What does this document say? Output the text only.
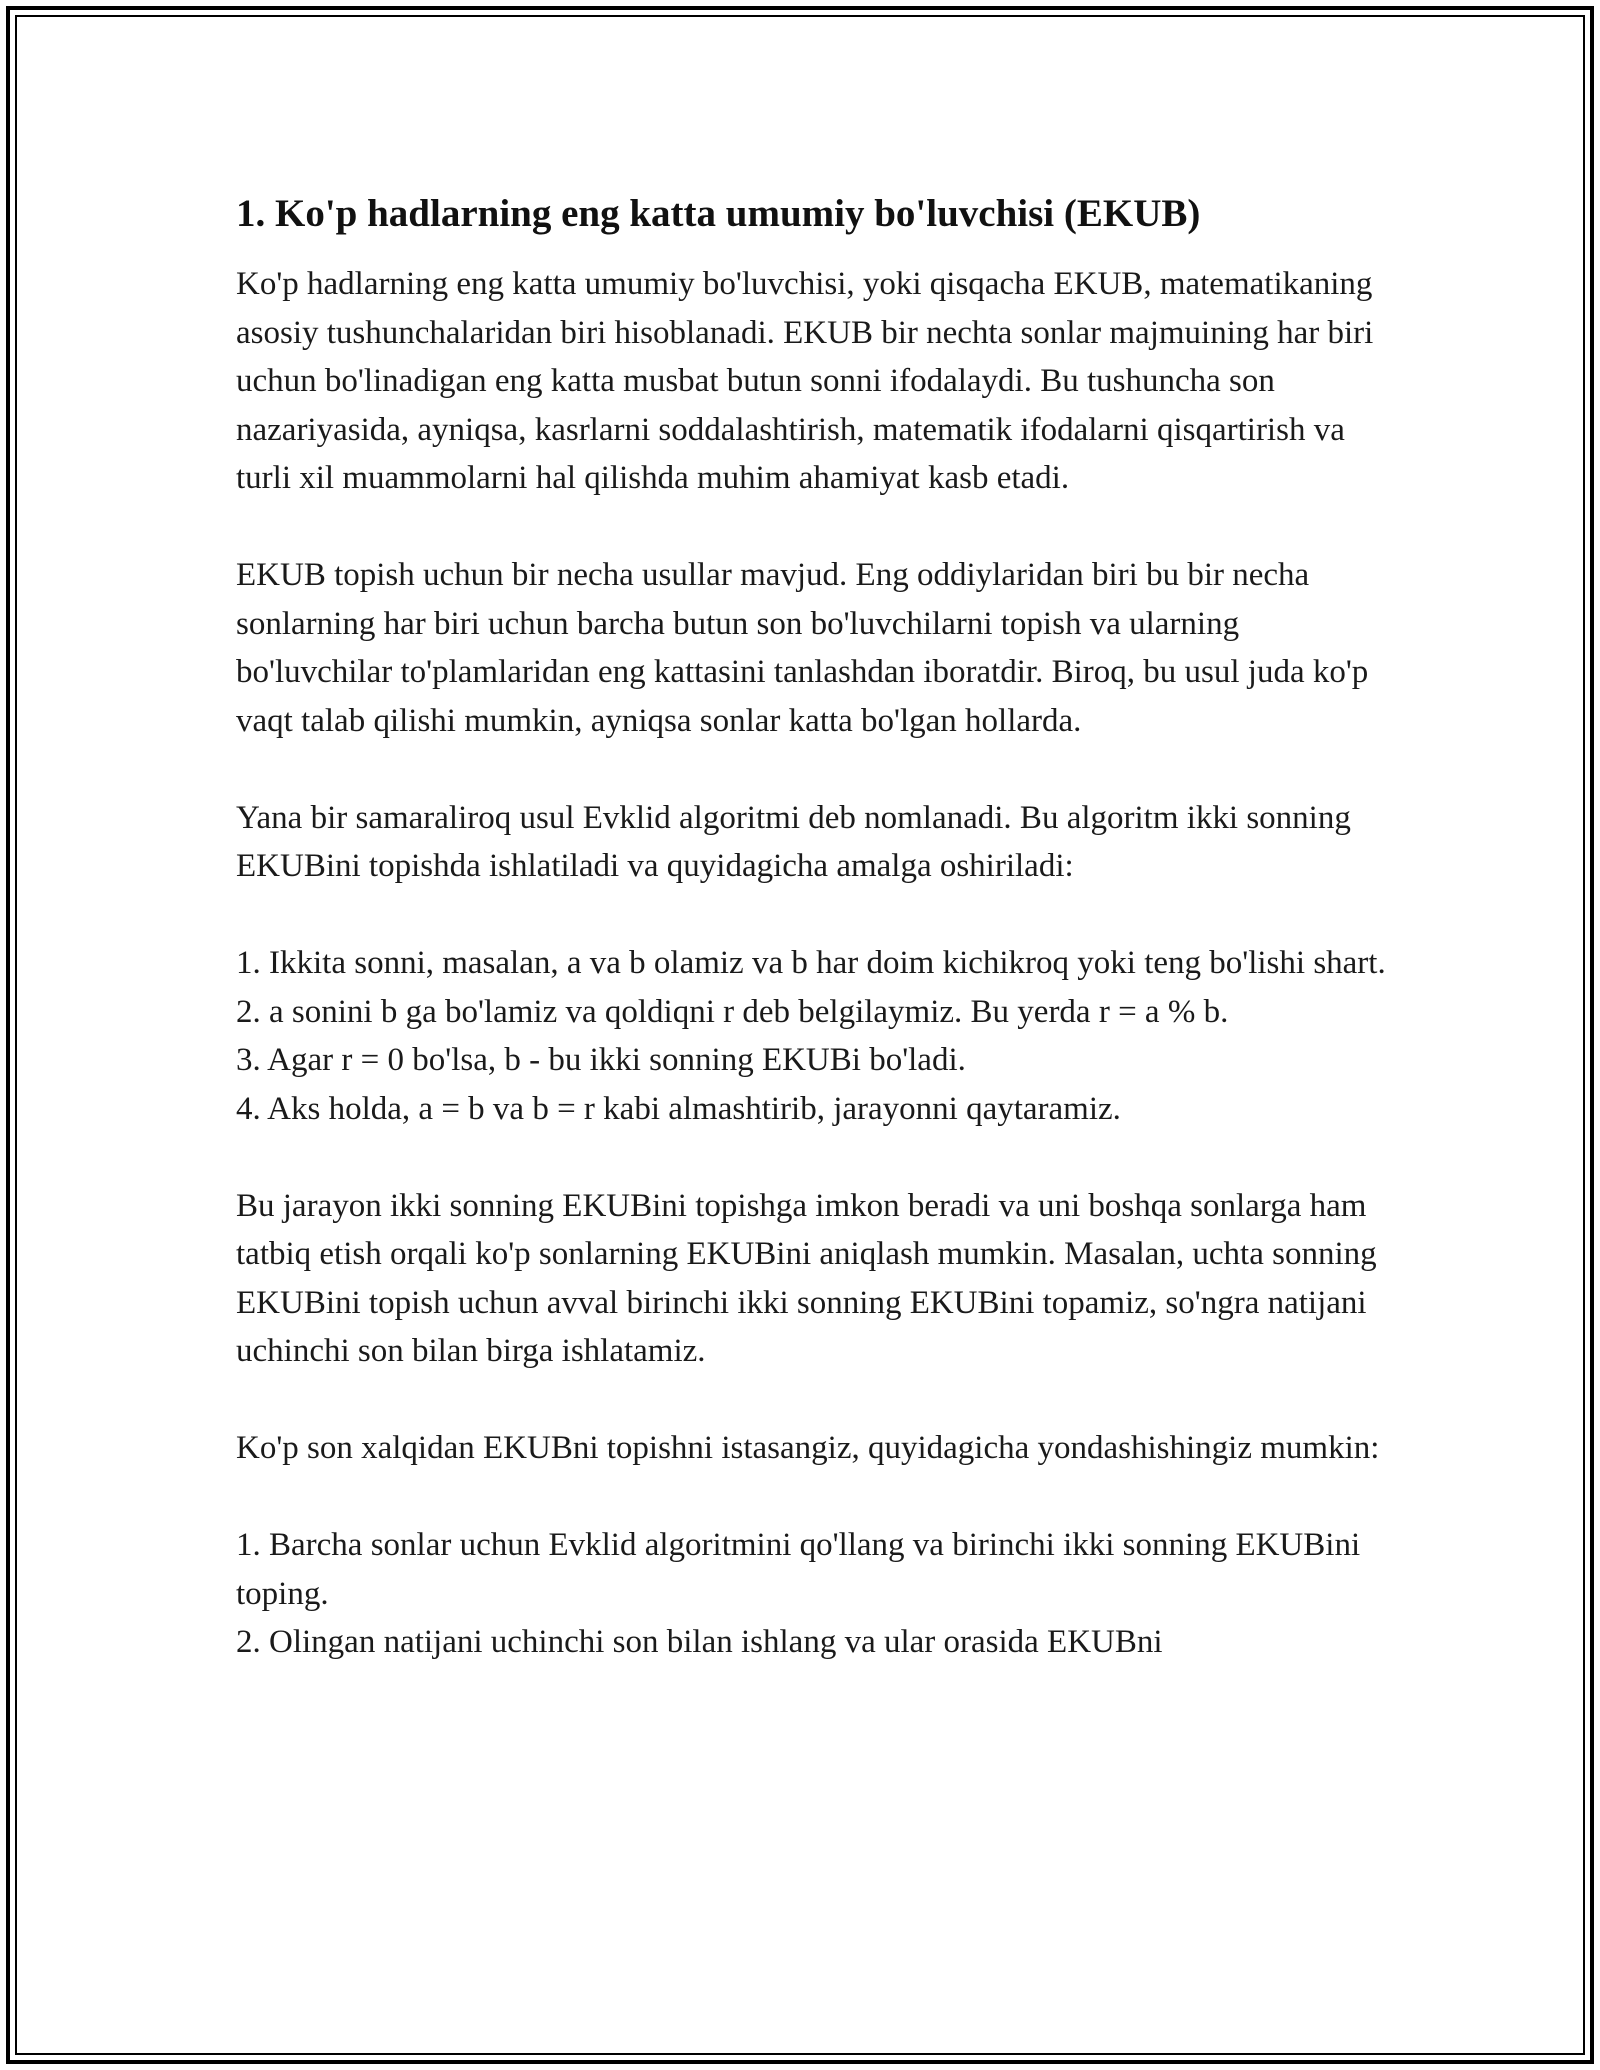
1. Ko'p hadlarning eng katta umumiy bo'luvchisi (EKUB)

Ko'p hadlarning eng katta umumiy bo'luvchisi, yoki qisqacha EKUB, matematikaning asosiy tushunchalaridan biri hisoblanadi. EKUB bir nechta sonlar majmuining har biri uchun bo'linadigan eng katta musbat butun sonni ifodalaydi. Bu tushuncha son nazariyasida, ayniqsa, kasrlarni soddalashtirish, matematik ifodalarni qisqartirish va turli xil muammolarni hal qilishda muhim ahamiyat kasb etadi.

EKUB topish uchun bir necha usullar mavjud. Eng oddiylaridan biri bu bir necha sonlarning har biri uchun barcha butun son bo'luvchilarni topish va ularning bo'luvchilar to'plamlaridan eng kattasini tanlashdan iboratdir. Biroq, bu usul juda ko'p vaqt talab qilishi mumkin, ayniqsa sonlar katta bo'lgan hollarda.

Yana bir samaraliroq usul Evklid algoritmi deb nomlanadi. Bu algoritm ikki sonning EKUBini topishda ishlatiladi va quyidagicha amalga oshiriladi:

1. Ikkita sonni, masalan, a va b olamiz va b har doim kichikroq yoki teng bo'lishi shart.

2. a sonini b ga bo'lamiz va qoldiqni r deb belgilaymiz. Bu yerda r = a % b.

3. Agar r = 0 bo'lsa, b - bu ikki sonning EKUBi bo'ladi.

4. Aks holda, a = b va b = r kabi almashtirib, jarayonni qaytaramiz.

Bu jarayon ikki sonning EKUBini topishga imkon beradi va uni boshqa sonlarga ham tatbiq etish orqali ko'p sonlarning EKUBini aniqlash mumkin. Masalan, uchta sonning EKUBini topish uchun avval birinchi ikki sonning EKUBini topamiz, so'ngra natijani uchinchi son bilan birga ishlatamiz.

Ko'p son xalqidan EKUBni topishni istasangiz, quyidagicha yondashishingiz mumkin:

1. Barcha sonlar uchun Evklid algoritmini qo'llang va birinchi ikki sonning EKUBini toping.

2. Olingan natijani uchinchi son bilan ishlang va ular orasida EKUBni
